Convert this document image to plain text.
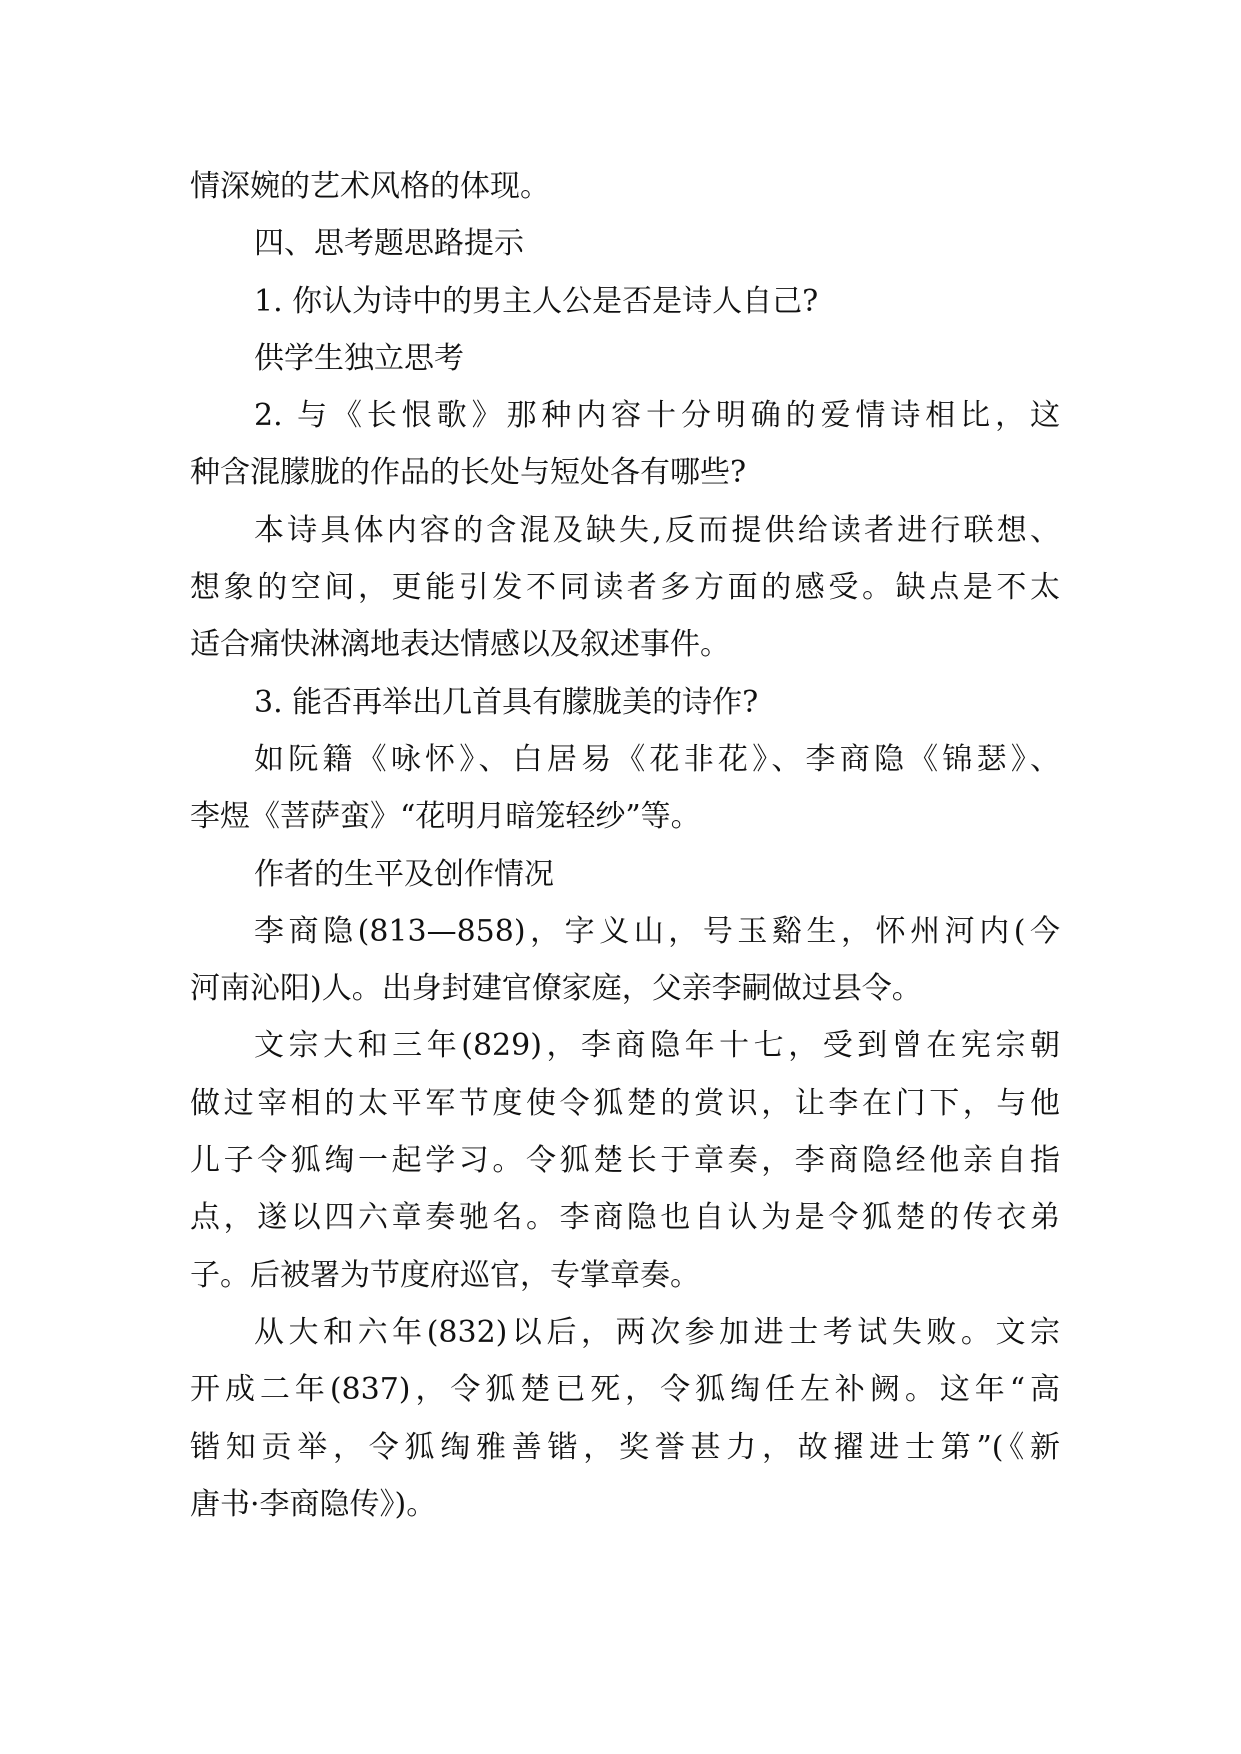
情深婉的艺术风格的体现。
四、思考题思路提示
1. 你认为诗中的男主人公是否是诗人自己?
供学生独立思考
2. 与《长恨歌》那种内容十分明确的爱情诗相比，这
种含混朦胧的作品的长处与短处各有哪些?
本诗具体内容的含混及缺失,反而提供给读者进行联想、
想象的空间，更能引发不同读者多方面的感受。缺点是不太
适合痛快淋漓地表达情感以及叙述事件。
3. 能否再举出几首具有朦胧美的诗作?
如阮籍《咏怀》、白居易《花非花》、李商隐《锦瑟》、
李煜《菩萨蛮》“花明月暗笼轻纱”等。
作者的生平及创作情况
李商隐(813—858)，字义山，号玉谿生，怀州河内(今
河南沁阳)人。出身封建官僚家庭，父亲李嗣做过县令。
文宗大和三年(829)，李商隐年十七，受到曾在宪宗朝
做过宰相的太平军节度使令狐楚的赏识，让李在门下，与他
儿子令狐绹一起学习。令狐楚长于章奏，李商隐经他亲自指
点，遂以四六章奏驰名。李商隐也自认为是令狐楚的传衣弟
子。后被署为节度府巡官，专掌章奏。
从大和六年(832)以后，两次参加进士考试失败。文宗
开成二年(837)，令狐楚已死，令狐绹任左补阙。这年“高
锴知贡举，令狐绹雅善锴，奖誉甚力，故擢进士第”(《新
唐书·李商隐传》)。
